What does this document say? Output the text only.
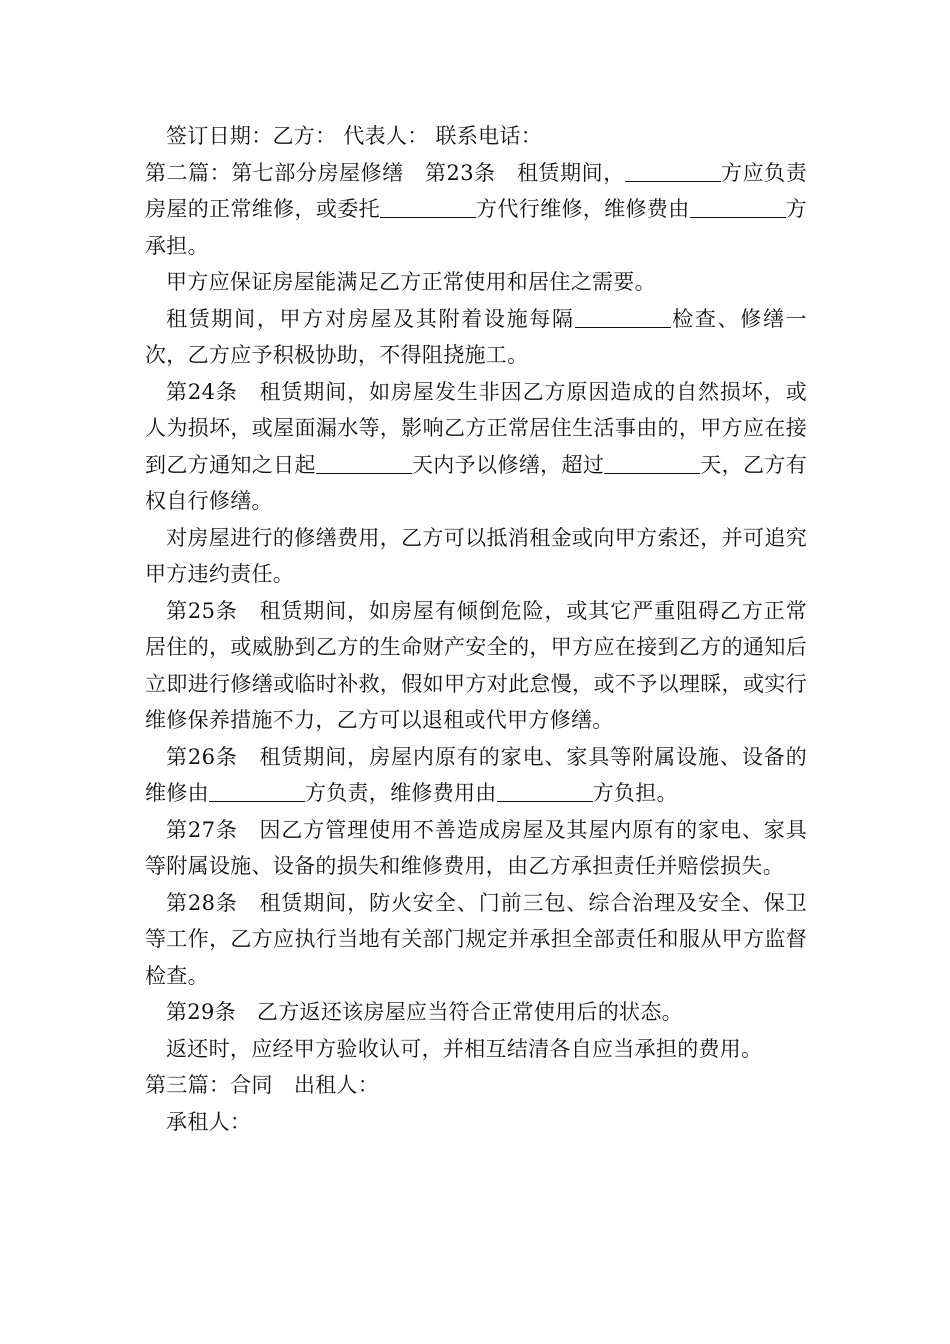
签订日期：乙方： 代表人： 联系电话：

第二篇：第七部分房屋修缮 第23条 租赁期间，	方应负责房屋的正常维修，或委托	方代行维修，维修费由	方承担。

甲方应保证房屋能满足乙方正常使用和居住之需要。

租赁期间，甲方对房屋及其附着设施每隔	检查、修缮一次，乙方应予积极协助，不得阻挠施工。

第24条 租赁期间，如房屋发生非因乙方原因造成的自然损坏，或人为损坏，或屋面漏水等，影响乙方正常居住生活事由的，甲方应在接到乙方通知之日起	天内予以修缮，超过	天，乙方有权自行修缮。

对房屋进行的修缮费用，乙方可以抵消租金或向甲方索还，并可追究甲方违约责任。

第25条 租赁期间，如房屋有倾倒危险，或其它严重阻碍乙方正常居住的，或威胁到乙方的生命财产安全的，甲方应在接到乙方的通知后立即进行修缮或临时补救，假如甲方对此怠慢，或不予以理睬，或实行维修保养措施不力，乙方可以退租或代甲方修缮。

第26条 租赁期间，房屋内原有的家电、家具等附属设施、设备的维修由	方负责，维修费用由	方负担。

第27条 因乙方管理使用不善造成房屋及其屋内原有的家电、家具等附属设施、设备的损失和维修费用，由乙方承担责任并赔偿损失。

第28条 租赁期间，防火安全、门前三包、综合治理及安全、保卫等工作，乙方应执行当地有关部门规定并承担全部责任和服从甲方监督检查。

第29条 乙方返还该房屋应当符合正常使用后的状态。

返还时，应经甲方验收认可，并相互结清各自应当承担的费用。

第三篇：合同 出租人：

承租人：
